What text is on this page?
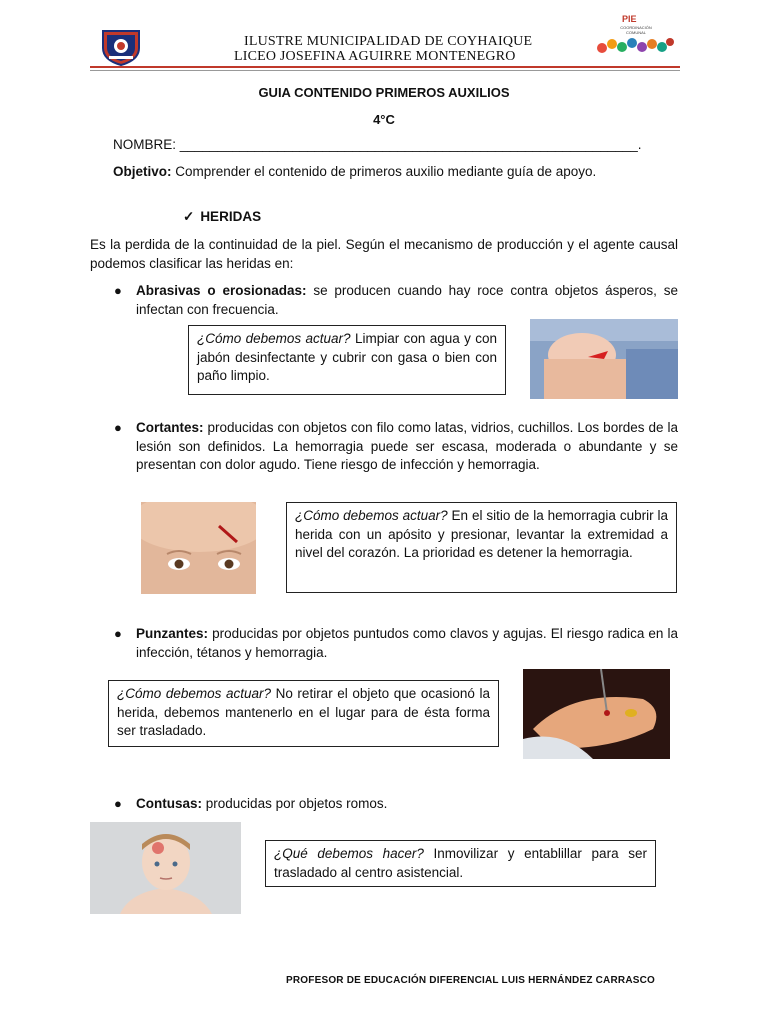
ILUSTRE MUNICIPALIDAD DE COYHAIQUE
LICEO JOSEFINA AGUIRRE MONTENEGRO
PIE
COORDINACIÓN COMUNAL
GUIA CONTENIDO PRIMEROS AUXILIOS
4°C
NOMBRE: _____________________________________________________________.
Objetivo: Comprender el contenido de primeros auxilio mediante guía de apoyo.
✓ HERIDAS
Es la perdida de la continuidad de la piel. Según el mecanismo de producción y el agente causal podemos clasificar las heridas en:
● Abrasivas o erosionadas: se producen cuando hay roce contra objetos ásperos, se infectan con frecuencia.
¿Cómo debemos actuar? Limpiar con agua y con jabón desinfectante y cubrir con gasa o bien con paño limpio.
● Cortantes: producidas con objetos con filo como latas, vidrios, cuchillos. Los bordes de la lesión son definidos. La hemorragia puede ser escasa, moderada o abundante y se presentan con dolor agudo. Tiene riesgo de infección y hemorragia.
¿Cómo debemos actuar? En el sitio de la hemorragia cubrir la herida con un apósito y presionar, levantar la extremidad a nivel del corazón. La prioridad es detener la hemorragia.
● Punzantes: producidas por objetos puntudos como clavos y agujas. El riesgo radica en la infección, tétanos y hemorragia.
¿Cómo debemos actuar? No retirar el objeto que ocasionó la herida, debemos mantenerlo en el lugar para de ésta forma ser trasladado.
● Contusas: producidas por objetos romos.
¿Qué debemos hacer? Inmovilizar y entablillar para ser trasladado al centro asistencial.
PROFESOR DE EDUCACIÓN DIFERENCIAL LUIS HERNÁNDEZ CARRASCO
